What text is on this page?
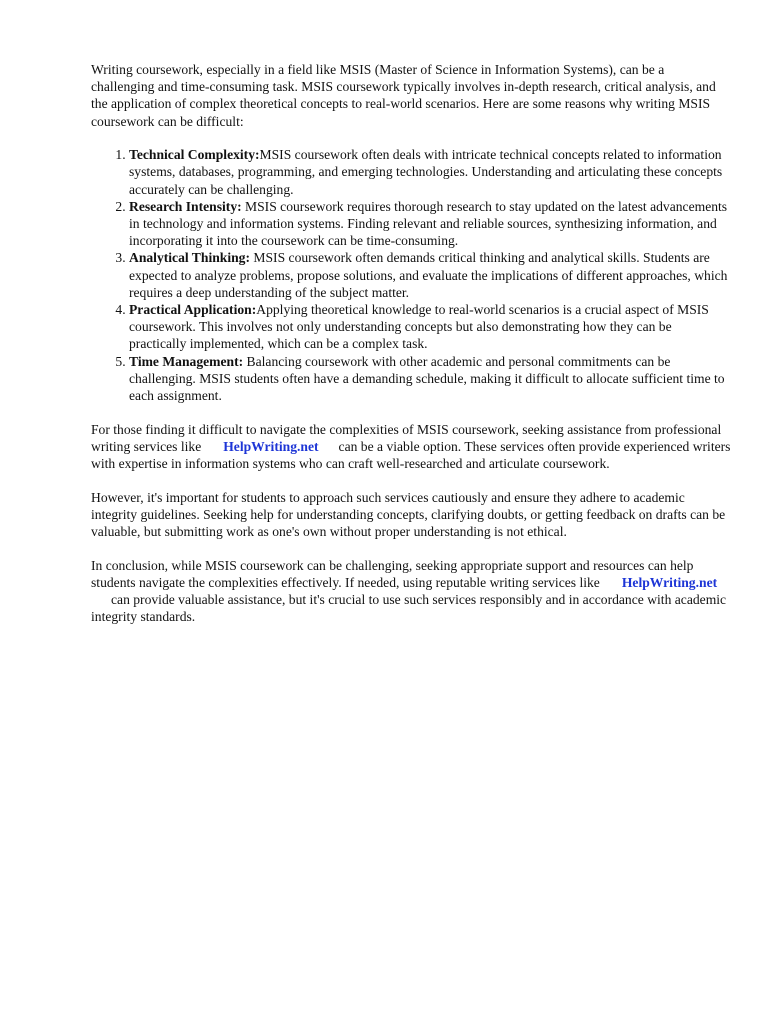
Writing coursework, especially in a field like MSIS (Master of Science in Information Systems), can be a challenging and time-consuming task. MSIS coursework typically involves in-depth research, critical analysis, and the application of complex theoretical concepts to real-world scenarios. Here are some reasons why writing MSIS coursework can be difficult:

1. Technical Complexity:MSIS coursework often deals with intricate technical concepts related to information systems, databases, programming, and emerging technologies. Understanding and articulating these concepts accurately can be challenging.
2. Research Intensity: MSIS coursework requires thorough research to stay updated on the latest advancements in technology and information systems. Finding relevant and reliable sources, synthesizing information, and incorporating it into the coursework can be time-consuming.
3. Analytical Thinking: MSIS coursework often demands critical thinking and analytical skills. Students are expected to analyze problems, propose solutions, and evaluate the implications of different approaches, which requires a deep understanding of the subject matter.
4. Practical Application:Applying theoretical knowledge to real-world scenarios is a crucial aspect of MSIS coursework. This involves not only understanding concepts but also demonstrating how they can be practically implemented, which can be a complex task.
5. Time Management: Balancing coursework with other academic and personal commitments can be challenging. MSIS students often have a demanding schedule, making it difficult to allocate sufficient time to each assignment.

For those finding it difficult to navigate the complexities of MSIS coursework, seeking assistance from professional writing services like HelpWriting.net can be a viable option. These services often provide experienced writers with expertise in information systems who can craft well-researched and articulate coursework.

However, it's important for students to approach such services cautiously and ensure they adhere to academic integrity guidelines. Seeking help for understanding concepts, clarifying doubts, or getting feedback on drafts can be valuable, but submitting work as one's own without proper understanding is not ethical.

In conclusion, while MSIS coursework can be challenging, seeking appropriate support and resources can help students navigate the complexities effectively. If needed, using reputable writing services like HelpWriting.netcan provide valuable assistance, but it's crucial to use such services responsibly and in accordance with academic integrity standards.
